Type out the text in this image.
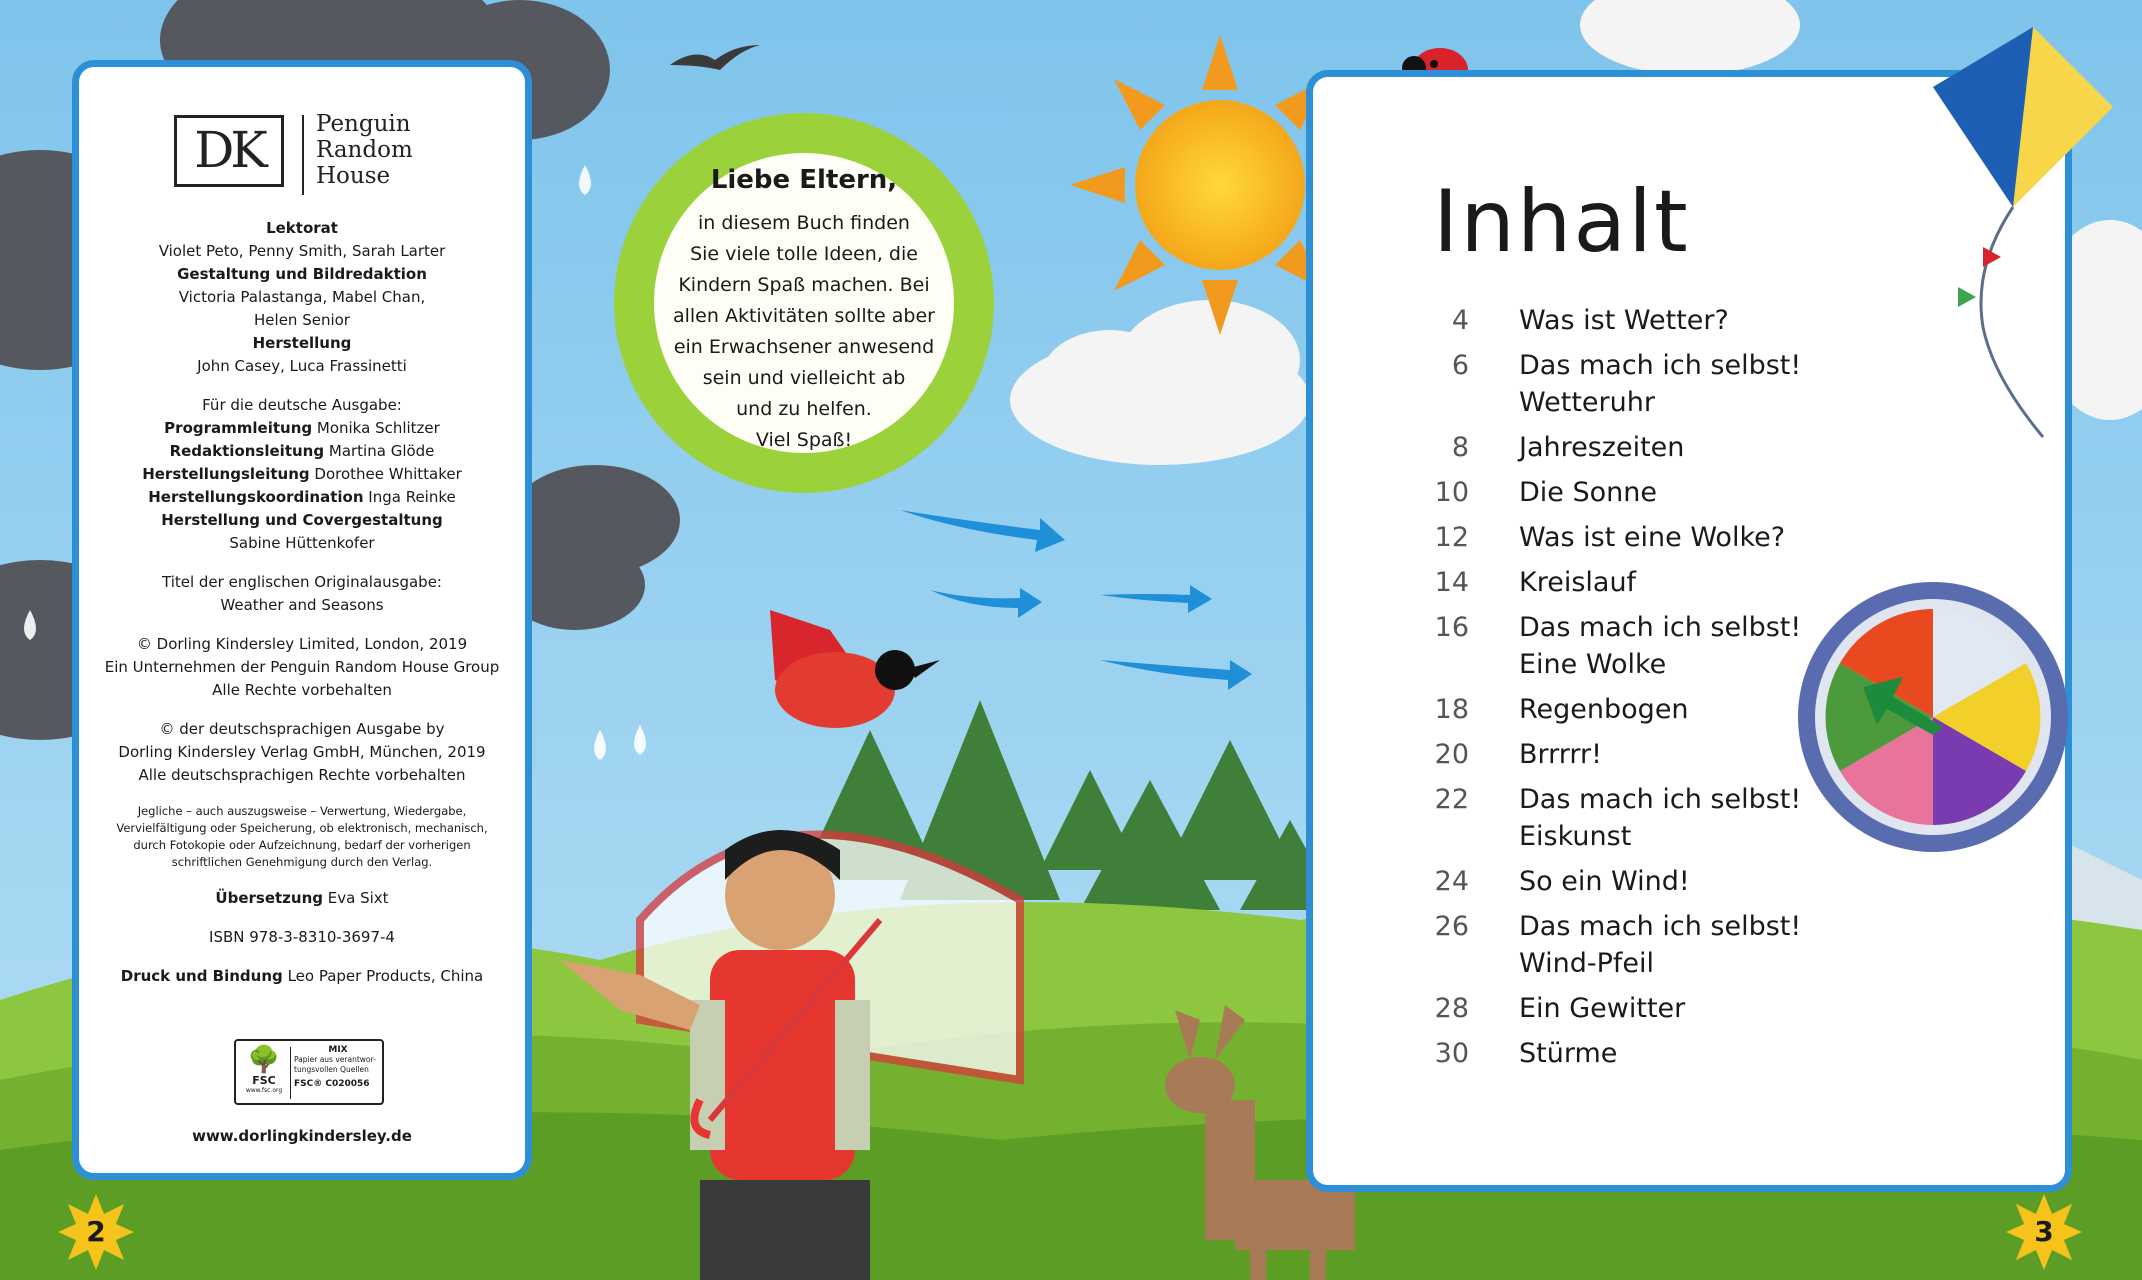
DK	Penguin
Random
House
Lektorat
Violet Peto, Penny Smith, Sarah Larter
Gestaltung und Bildredaktion
Victoria Palastanga, Mabel Chan,
Helen Senior
Herstellung
John Casey, Luca Frassinetti
Für die deutsche Ausgabe:
Programmleitung Monika Schlitzer
Redaktionsleitung Martina Glöde
Herstellungsleitung Dorothee Whittaker
Herstellungskoordination Inga Reinke
Herstellung und Covergestaltung
Sabine Hüttenkofer
Titel der englischen Originalausgabe:
Weather and Seasons
© Dorling Kindersley Limited, London, 2019
Ein Unternehmen der Penguin Random House Group
Alle Rechte vorbehalten
© der deutschsprachigen Ausgabe by
Dorling Kindersley Verlag GmbH, München, 2019
Alle deutschsprachigen Rechte vorbehalten
Jegliche – auch auszugsweise – Verwertung, Wiedergabe,
Vervielfältigung oder Speicherung, ob elektronisch, mechanisch,
durch Fotokopie oder Aufzeichnung, bedarf der vorherigen
schriftlichen Genehmigung durch den Verlag.
Übersetzung Eva Sixt
ISBN 978-3-8310-3697-4
Druck und Bindung Leo Paper Products, China
🌳
FSC
www.fsc.org
MIX
Papier aus verantwor-tungsvollen Quellen
FSC® C020056
www.dorlingkindersley.de
Liebe Eltern,
in diesem Buch finden
Sie viele tolle Ideen, die
Kindern Spaß machen. Bei
allen Aktivitäten sollte aber
ein Erwachsener anwesend
sein und vielleicht ab
und zu helfen.
Viel Spaß!
Inhalt
4 Was ist Wetter?
6 Das mach ich selbst!
Wetteruhr
8 Jahreszeiten
10 Die Sonne
12 Was ist eine Wolke?
14 Kreislauf
16 Das mach ich selbst!
Eine Wolke
18 Regenbogen
20 Brrrrr!
22 Das mach ich selbst!
Eiskunst
24 So ein Wind!
26 Das mach ich selbst!
Wind-Pfeil
28 Ein Gewitter
30 Stürme
2	3
